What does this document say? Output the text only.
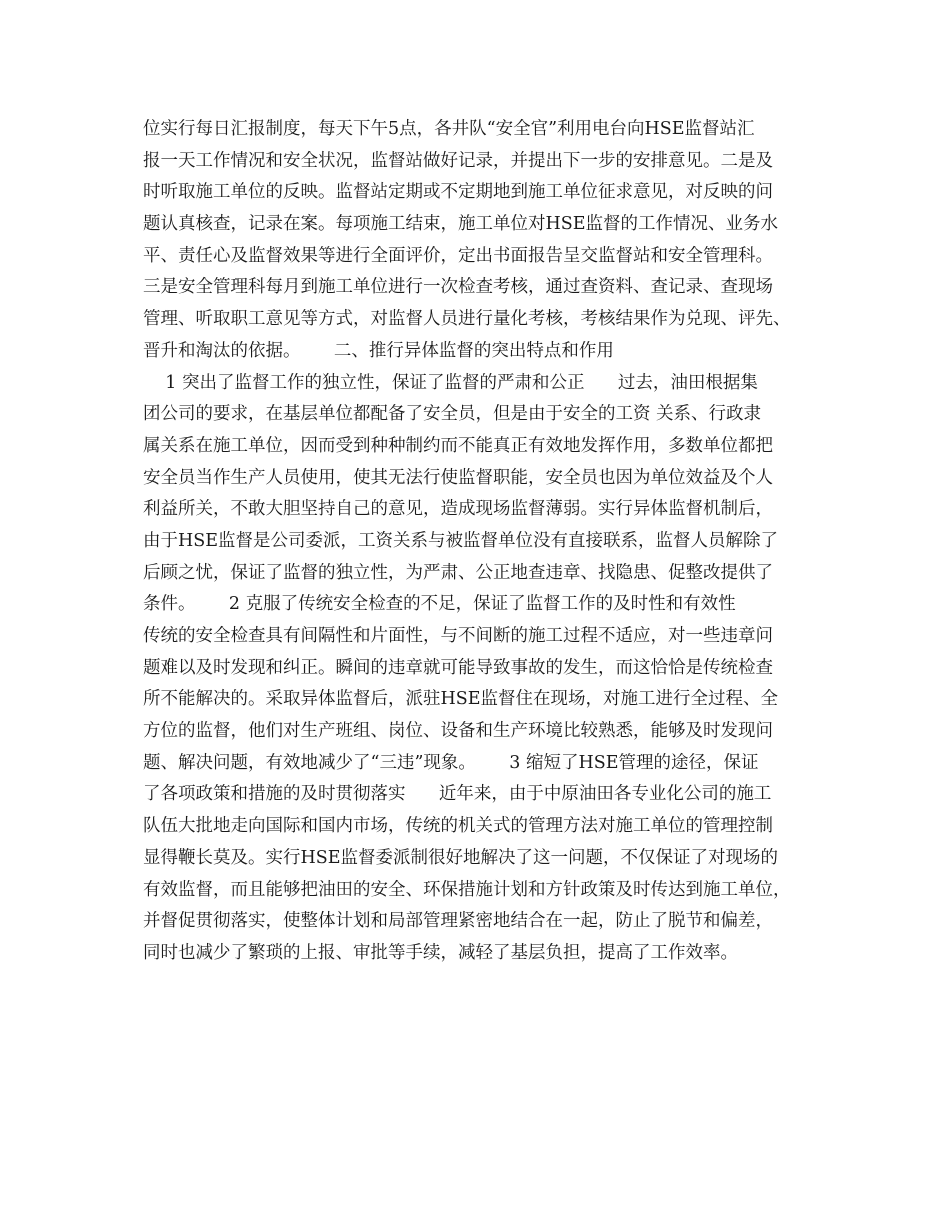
位实行每日汇报制度，每天下午5点，各井队“安全官”利用电台向HSE监督站汇
报一天工作情况和安全状况，监督站做好记录，并提出下一步的安排意见。二是及
时听取施工单位的反映。监督站定期或不定期地到施工单位征求意见，对反映的问
题认真核查，记录在案。每项施工结束，施工单位对HSE监督的工作情况、业务水
平、责任心及监督效果等进行全面评价，定出书面报告呈交监督站和安全管理科。
三是安全管理科每月到施工单位进行一次检查考核，通过查资料、查记录、查现场
管理、听取职工意见等方式，对监督人员进行量化考核，考核结果作为兑现、评先、
晋升和淘汰的依据。      二、推行异体监督的突出特点和作用
1 突出了监督工作的独立性，保证了监督的严肃和公正      过去，油田根据集
团公司的要求，在基层单位都配备了安全员，但是由于安全的工资 关系、行政隶
属关系在施工单位，因而受到种种制约而不能真正有效地发挥作用，多数单位都把
安全员当作生产人员使用，使其无法行使监督职能，安全员也因为单位效益及个人
利益所关，不敢大胆坚持自己的意见，造成现场监督薄弱。实行异体监督机制后，
由于HSE监督是公司委派，工资关系与被监督单位没有直接联系，监督人员解除了
后顾之忧，保证了监督的独立性，为严肃、公正地查违章、找隐患、促整改提供了
条件。      2 克服了传统安全检查的不足，保证了监督工作的及时性和有效性
传统的安全检查具有间隔性和片面性，与不间断的施工过程不适应，对一些违章问
题难以及时发现和纠正。瞬间的违章就可能导致事故的发生，而这恰恰是传统检查
所不能解决的。采取异体监督后，派驻HSE监督住在现场，对施工进行全过程、全
方位的监督，他们对生产班组、岗位、设备和生产环境比较熟悉，能够及时发现问
题、解决问题，有效地减少了“三违”现象。      3 缩短了HSE管理的途径，保证
了各项政策和措施的及时贯彻落实      近年来，由于中原油田各专业化公司的施工
队伍大批地走向国际和国内市场，传统的机关式的管理方法对施工单位的管理控制
显得鞭长莫及。实行HSE监督委派制很好地解决了这一问题，不仅保证了对现场的
有效监督，而且能够把油田的安全、环保措施计划和方针政策及时传达到施工单位，
并督促贯彻落实，使整体计划和局部管理紧密地结合在一起，防止了脱节和偏差，
同时也减少了繁琐的上报、审批等手续，减轻了基层负担，提高了工作效率。
